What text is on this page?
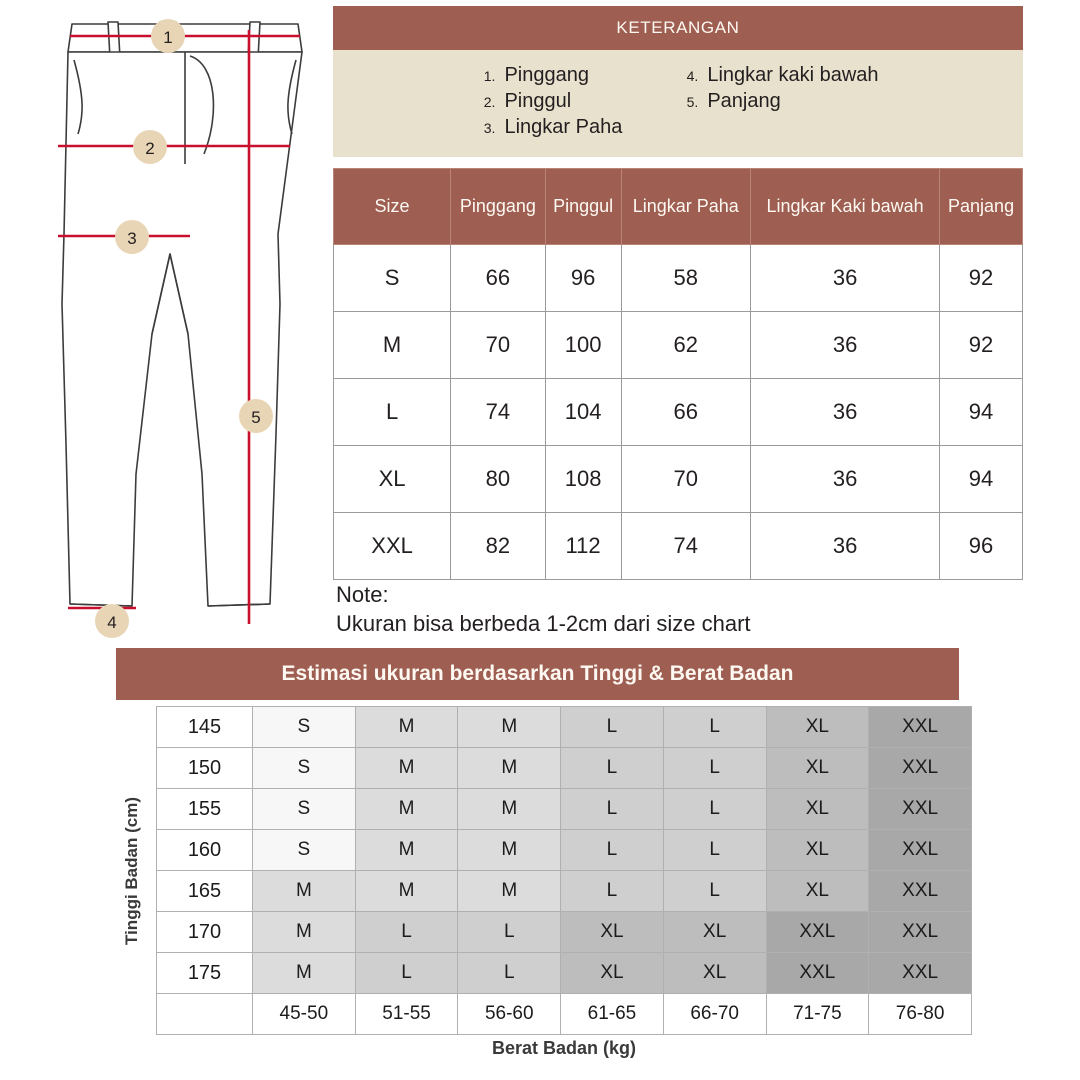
1
2
3
4
5
KETERANGAN
1. Pinggang
2. Pinggul
3. Lingkar Paha
4. Lingkar kaki bawah
5. Panjang
Size	Pinggang	Pinggul	Lingkar Paha	Lingkar Kaki bawah	Panjang
S	66	96	58	36	92
M	70	100	62	36	92
L	74	104	66	36	94
XL	80	108	70	36	94
XXL	82	112	74	36	96
Note:
Ukuran bisa berbeda 1-2cm dari size chart
Estimasi ukuran berdasarkan Tinggi & Berat Badan
Tinggi Badan (cm)
145	S	M	M	L	L	XL	XXL
150	S	M	M	L	L	XL	XXL
155	S	M	M	L	L	XL	XXL
160	S	M	M	L	L	XL	XXL
165	M	M	M	L	L	XL	XXL
170	M	L	L	XL	XL	XXL	XXL
175	M	L	L	XL	XL	XXL	XXL
	45-50	51-55	56-60	61-65	66-70	71-75	76-80
Berat Badan (kg)
